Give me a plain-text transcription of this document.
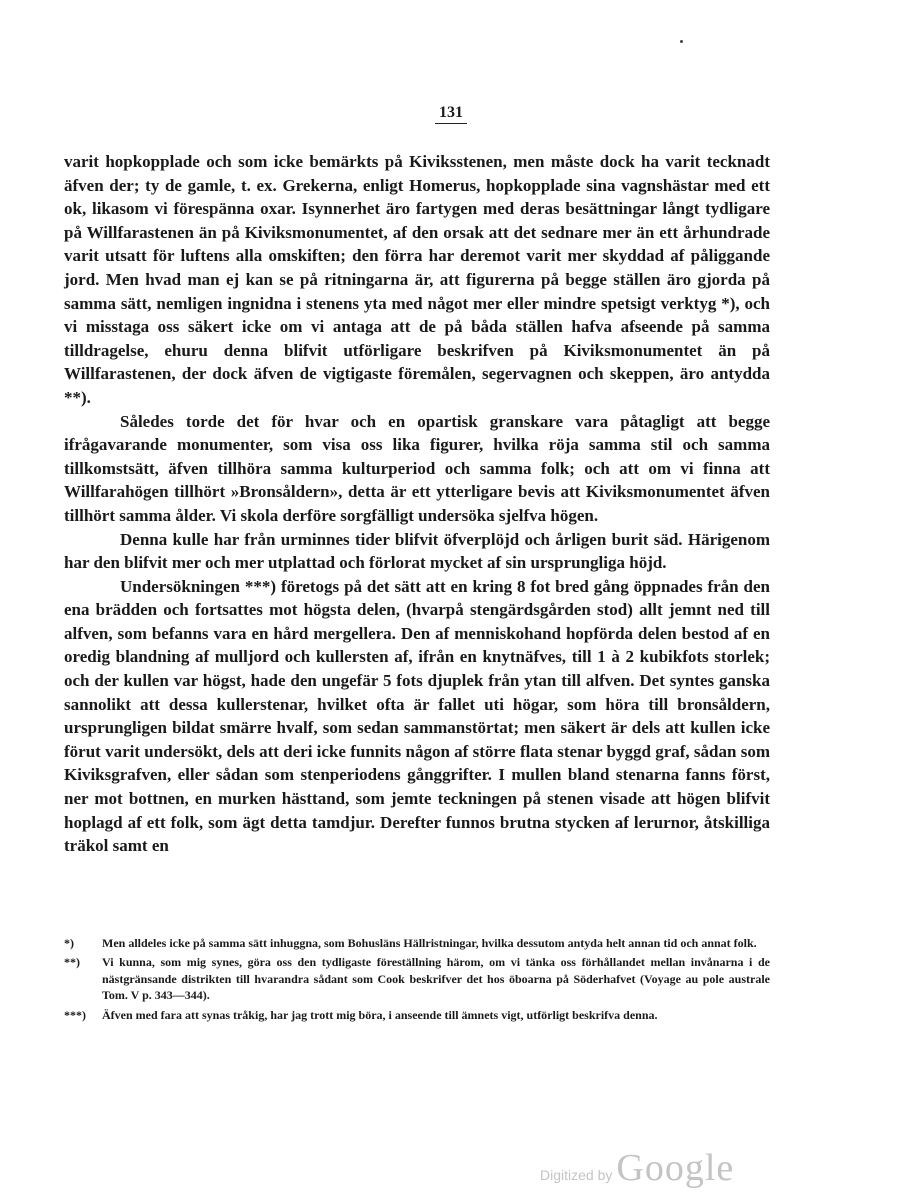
131

varit hopkopplade och som icke bemärkts på Kiviksstenen, men måste dock ha varit tecknadt äfven der; ty de gamle, t. ex. Grekerna, enligt Homerus, hopkopplade sina vagnshästar med ett ok, likasom vi förespänna oxar. Isynnerhet äro fartygen med deras besättningar långt tydligare på Willfarastenen än på Kiviksmonumentet, af den orsak att det sednare mer än ett århundrade varit utsatt för luftens alla omskiften; den förra har deremot varit mer skyddad af påliggande jord. Men hvad man ej kan se på ritningarna är, att figurerna på begge ställen äro gjorda på samma sätt, nemligen ingnidna i stenens yta med något mer eller mindre spetsigt verktyg *), och vi misstaga oss säkert icke om vi antaga att de på båda ställen hafva afseende på samma tilldragelse, ehuru denna blifvit utförligare beskrifven på Kiviksmonumentet än på Willfarastenen, der dock äfven de vigtigaste föremålen, segervagnen och skeppen, äro antydda **).

Således torde det för hvar och en opartisk granskare vara påtagligt att begge ifrågavarande monumenter, som visa oss lika figurer, hvilka röja samma stil och samma tillkomstsätt, äfven tillhöra samma kulturperiod och samma folk; och att om vi finna att Willfarahögen tillhört »Bronsåldern», detta är ett ytterligare bevis att Kiviksmonumentet äfven tillhört samma ålder. Vi skola derföre sorgfälligt undersöka sjelfva högen.

Denna kulle har från urminnes tider blifvit öfverplöjd och årligen burit säd. Härigenom har den blifvit mer och mer utplattad och förlorat mycket af sin ursprungliga höjd.

Undersökningen ***) företogs på det sätt att en kring 8 fot bred gång öppnades från den ena brädden och fortsattes mot högsta delen, (hvarpå stengärdsgården stod) allt jemnt ned till alfven, som befanns vara en hård mergellera. Den af menniskohand hopförda delen bestod af en oredig blandning af mulljord och kullersten af, ifrån en knytnäfves, till 1 à 2 kubikfots storlek; och der kullen var högst, hade den ungefär 5 fots djuplek från ytan till alfven. Det syntes ganska sannolikt att dessa kullerstenar, hvilket ofta är fallet uti högar, som höra till bronsåldern, ursprungligen bildat smärre hvalf, som sedan sammanstörtat; men säkert är dels att kullen icke förut varit undersökt, dels att deri icke funnits någon af större flata stenar byggd graf, sådan som Kiviksgrafven, eller sådan som stenperiodens gånggrifter. I mullen bland stenarna fanns först, ner mot bottnen, en murken hästtand, som jemte teckningen på stenen visade att högen blifvit hoplagd af ett folk, som ägt detta tamdjur. Derefter funnos brutna stycken af lerurnor, åtskilliga träkol samt en

*) Men alldeles icke på samma sätt inhuggna, som Bohusläns Hällristningar, hvilka dessutom antyda helt annan tid och annat folk.
**) Vi kunna, som mig synes, göra oss den tydligaste föreställning härom, om vi tänka oss förhållandet mellan invånarna i de nästgränsande distrikten till hvarandra sådant som Cook beskrifver det hos öboarna på Söderhafvet (Voyage au pole australe Tom. V p. 343—344).
***) Äfven med fara att synas tråkig, har jag trott mig böra, i anseende till ämnets vigt, utförligt beskrifva denna.
Digitized by Google
